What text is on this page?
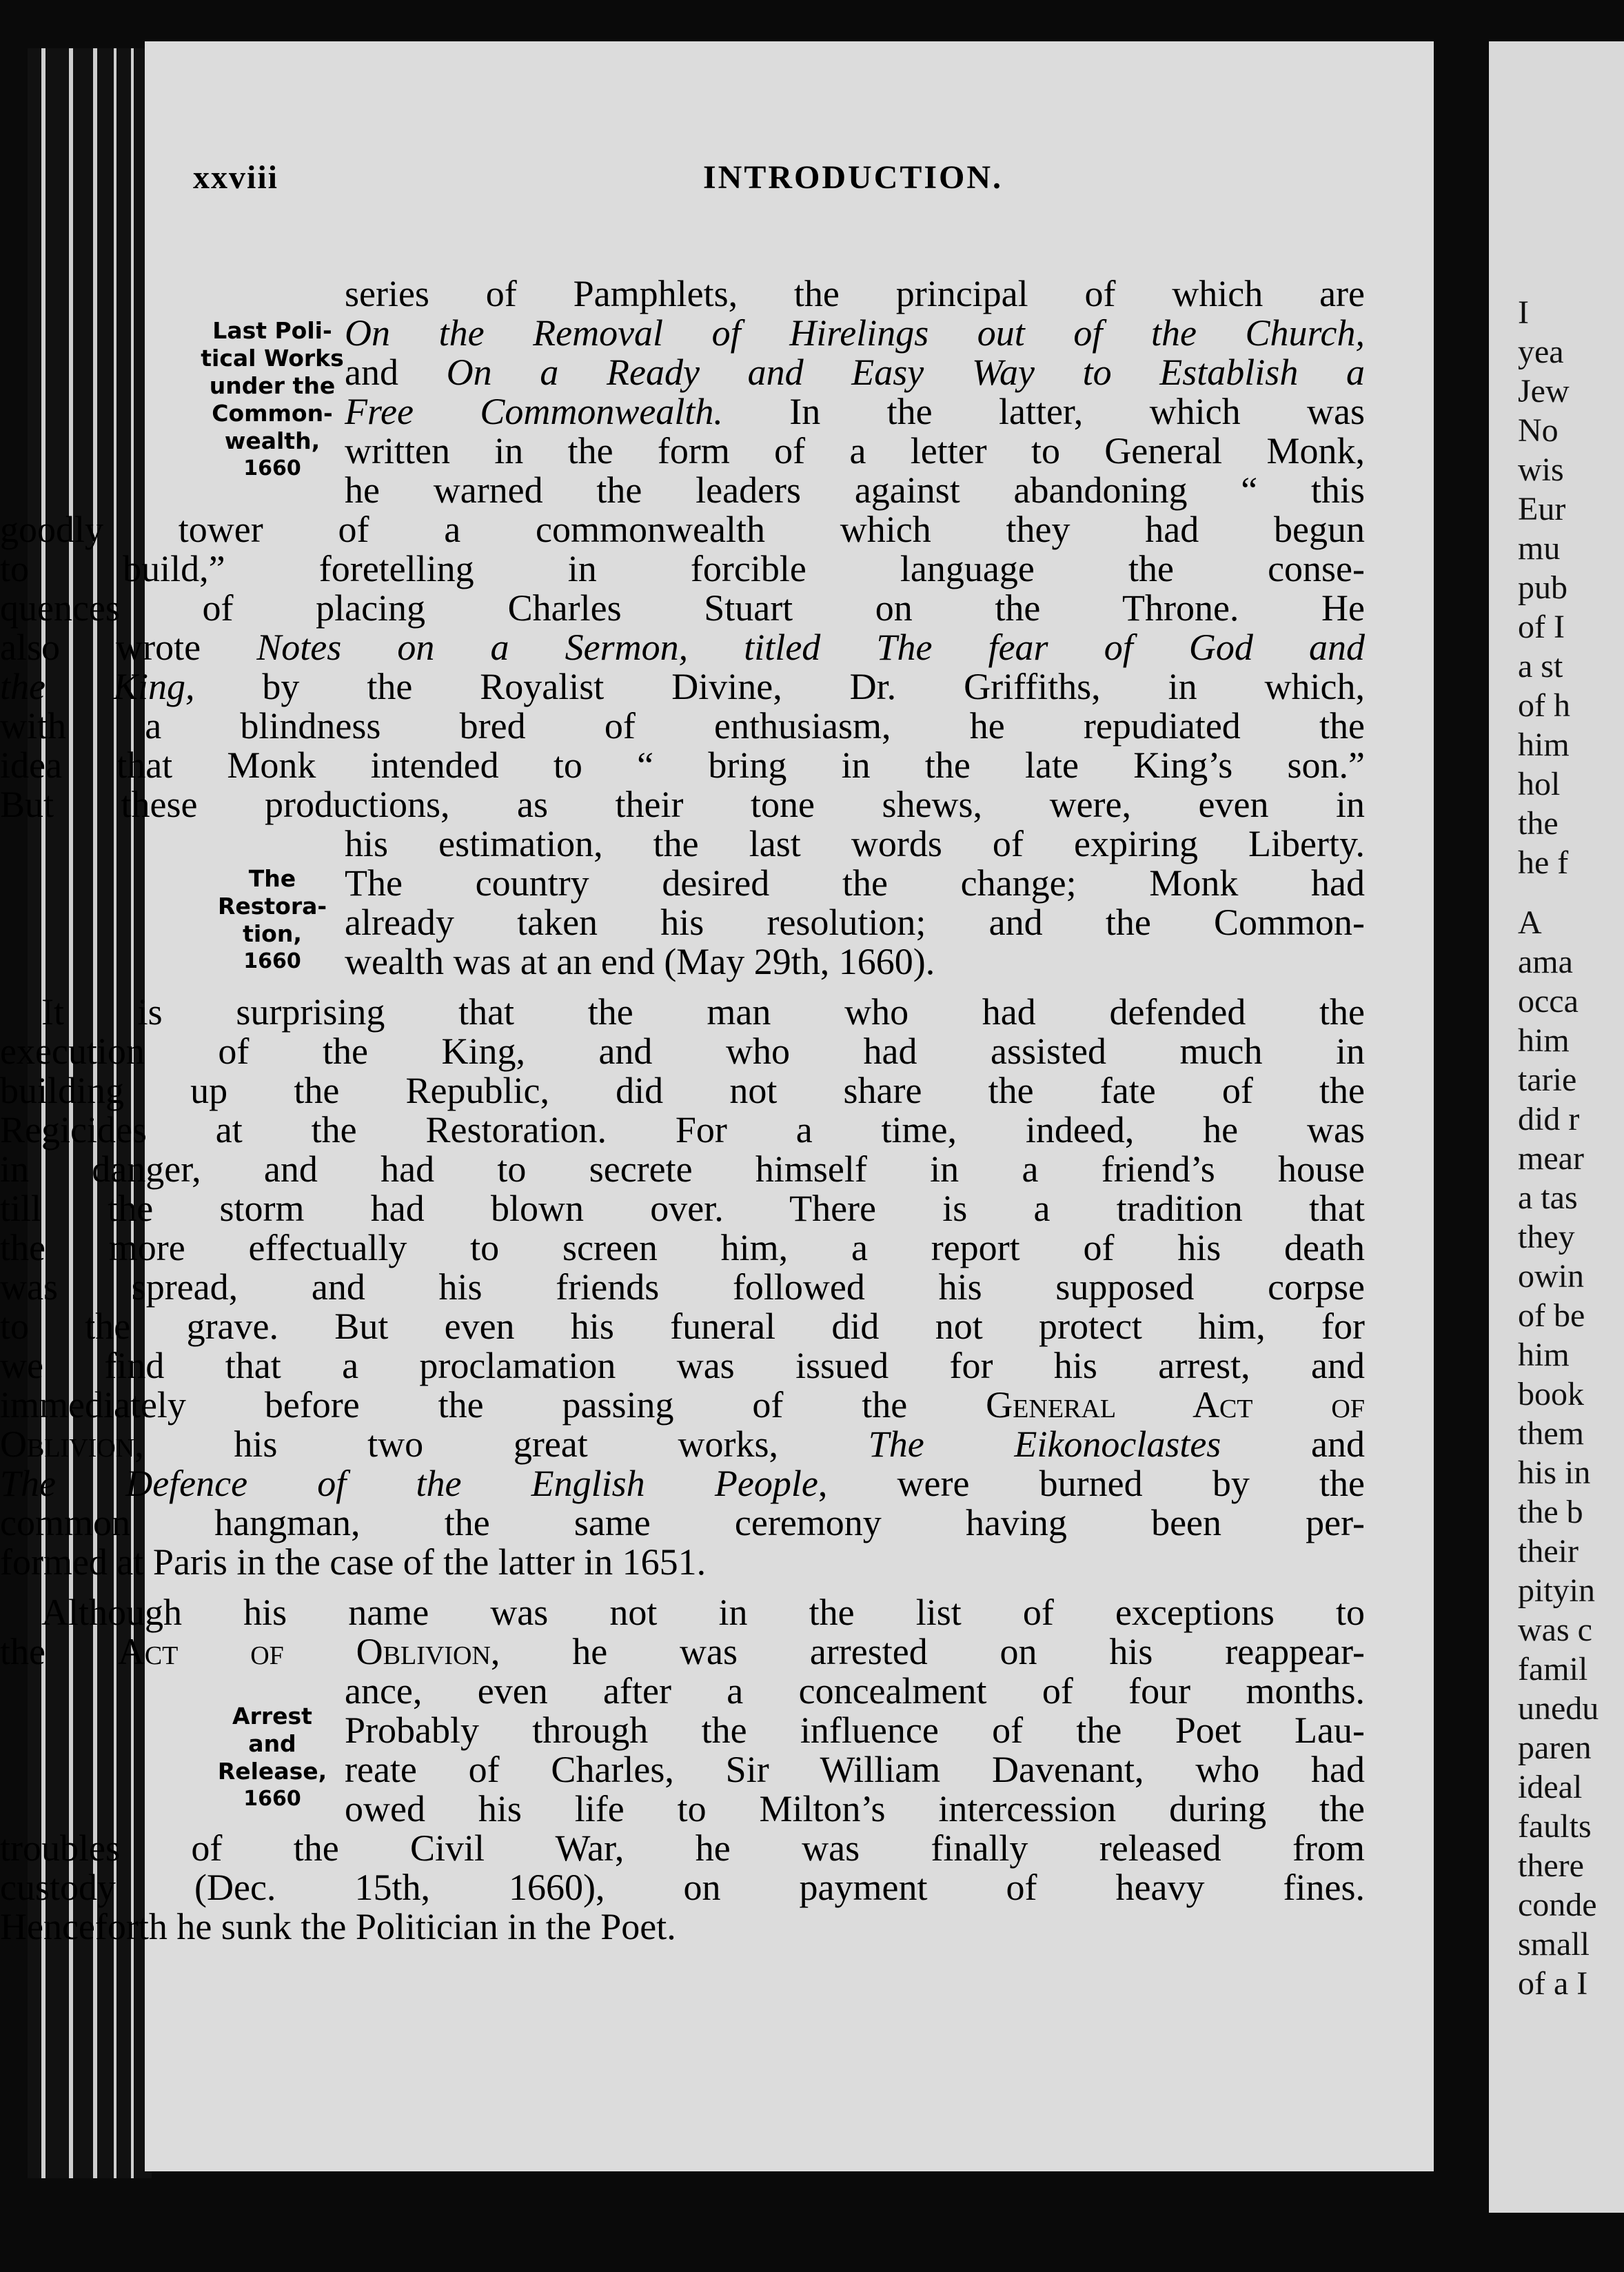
xxviii	INTRODUCTION.
Last Poli-
tical Works
under the
Common-
wealth,
1660
The
Restora-
tion,
1660
Arrest
and
Release,
1660
series of Pamphlets, the principal of which are
On the Removal of Hirelings out of the Church,
and On a Ready and Easy Way to Establish a
Free Commonwealth. In the latter, which was
written in the form of a letter to General Monk,
he warned the leaders against abandoning “ this
goodly tower of a commonwealth which they had begun
to build,” foretelling in forcible language the conse-
quences of placing Charles Stuart on the Throne. He
also wrote Notes on a Sermon, titled The fear of God and
the King, by the Royalist Divine, Dr. Griffiths, in which,
with a blindness bred of enthusiasm, he repudiated the
idea that Monk intended to “ bring in the late King’s son.”
But these productions, as their tone shews, were, even in
his estimation, the last words of expiring Liberty.
The country desired the change; Monk had
already taken his resolution; and the Common-
wealth was at an end (May 29th, 1660).
It is surprising that the man who had defended the
execution of the King, and who had assisted much in
building up the Republic, did not share the fate of the
Regicides at the Restoration. For a time, indeed, he was
in danger, and had to secrete himself in a friend’s house
till the storm had blown over. There is a tradition that
the more effectually to screen him, a report of his death
was spread, and his friends followed his supposed corpse
to the grave. But even his funeral did not protect him, for
we find that a proclamation was issued for his arrest, and
immediately before the passing of the General Act of
Oblivion, his two great works, The Eikonoclastes and
The Defence of the English People, were burned by the
common hangman, the same ceremony having been per-
formed at Paris in the case of the latter in 1651.
Although his name was not in the list of exceptions to
the Act of Oblivion, he was arrested on his reappear-
ance, even after a concealment of four months.
Probably through the influence of the Poet Lau-
reate of Charles, Sir William Davenant, who had
owed his life to Milton’s intercession during the
troubles of the Civil War, he was finally released from
custody (Dec. 15th, 1660), on payment of heavy fines.
Henceforth he sunk the Politician in the Poet.
I
yea
Jew
No
wis
Eur
mu
pub
of I
a st
of h
him
hol
the
he f
A
ama
occa
him
tarie
did r
mear
a tas
they
owin
of be
him
book
them
his in
the b
their
pityin
was c
famil
unedu
paren
ideal
faults
there
conde
small
of a I
